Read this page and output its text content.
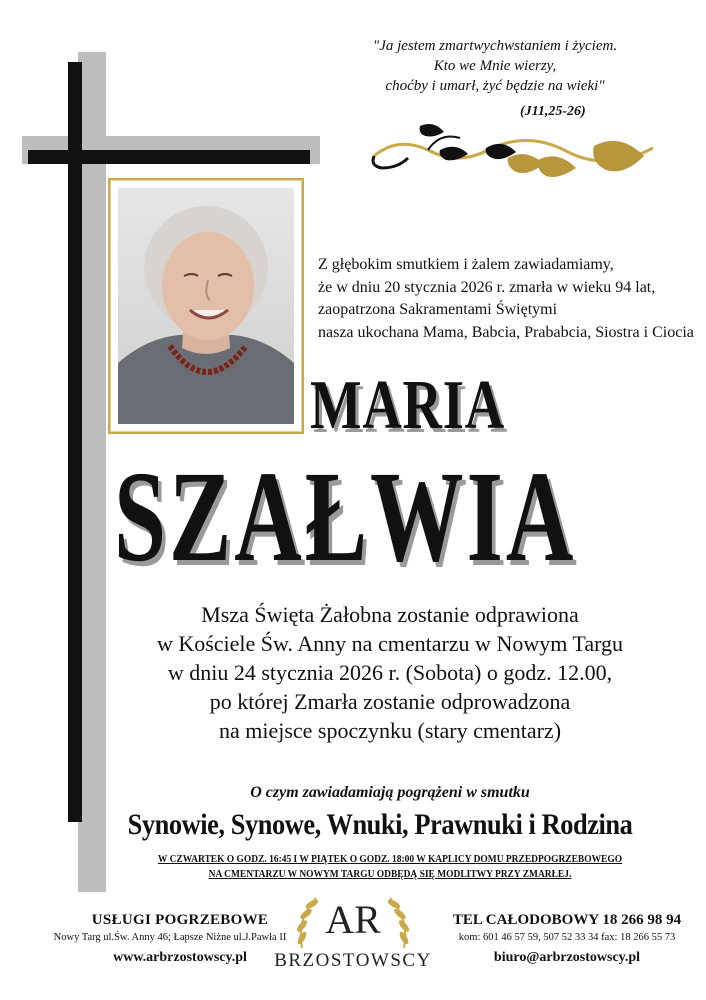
"Ja jestem zmartwychwstaniem i życiem.
Kto we Mnie wierzy,
choćby i umarł, żyć będzie na wieki"
(J11,25-26)
Z głębokim smutkiem i żalem zawiadamiamy,
że w dniu 20 stycznia 2026 r. zmarła w wieku 94 lat,
zaopatrzona Sakramentami Świętymi
nasza ukochana Mama, Babcia, Prababcia, Siostra i Ciocia
MARIA
SZAŁWIA
Msza Święta Żałobna zostanie odprawiona
w Kościele Św. Anny na cmentarzu w Nowym Targu
w dniu 24 stycznia 2026 r. (Sobota) o godz. 12.00,
po której Zmarła zostanie odprowadzona
na miejsce spoczynku (stary cmentarz)
O czym zawiadamiają pogrążeni w smutku
Synowie, Synowe, Wnuki, Prawnuki i Rodzina
W CZWARTEK O GODZ. 16:45 I W PIĄTEK O GODZ. 18:00 W KAPLICY DOMU PRZEDPOGRZEBOWEGO
NA CMENTARZU W NOWYM TARGU ODBĘDĄ SIĘ MODLITWY PRZY ZMARŁEJ.
USŁUGI POGRZEBOWE
Nowy Targ ul.Św. Anny 46; Łapsze Niżne ul.J.Pawła II
www.arbrzostowscy.pl
AR
BRZOSTOWSCY
TEL CAŁODOBOWY 18 266 98 94
kom: 601 46 57 59, 507 52 33 34 fax: 18 266 55 73
biuro@arbrzostowscy.pl
